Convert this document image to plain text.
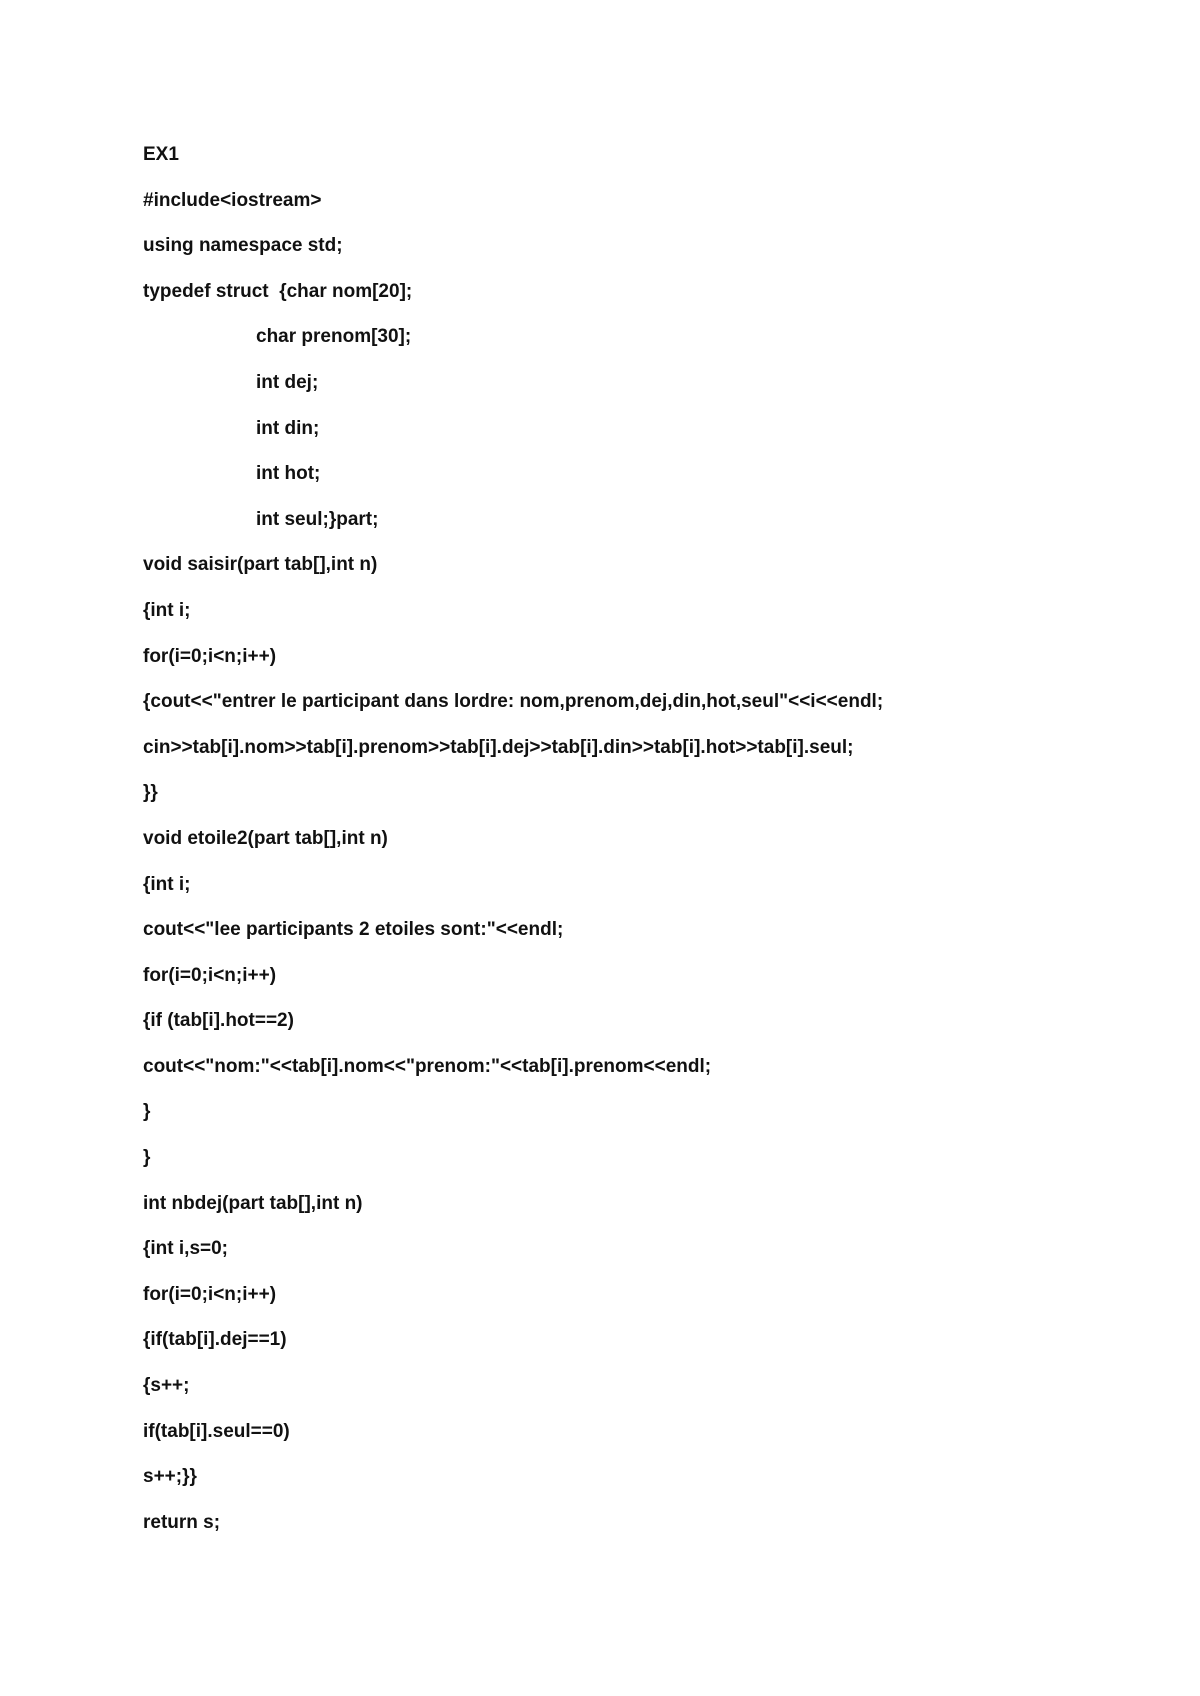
EX1
#include<iostream>
using namespace std;
typedef struct  {char nom[20];
char prenom[30];
int dej;
int din;
int hot;
int seul;}part;
void saisir(part tab[],int n)
{int i;
for(i=0;i<n;i++)
{cout<<"entrer le participant dans lordre: nom,prenom,dej,din,hot,seul"<<i<<endl;
cin>>tab[i].nom>>tab[i].prenom>>tab[i].dej>>tab[i].din>>tab[i].hot>>tab[i].seul;
}}
void etoile2(part tab[],int n)
{int i;
cout<<"lee participants 2 etoiles sont:"<<endl;
for(i=0;i<n;i++)
{if (tab[i].hot==2)
cout<<"nom:"<<tab[i].nom<<"prenom:"<<tab[i].prenom<<endl;
}
}
int nbdej(part tab[],int n)
{int i,s=0;
for(i=0;i<n;i++)
{if(tab[i].dej==1)
{s++;
if(tab[i].seul==0)
s++;}}
return s;
